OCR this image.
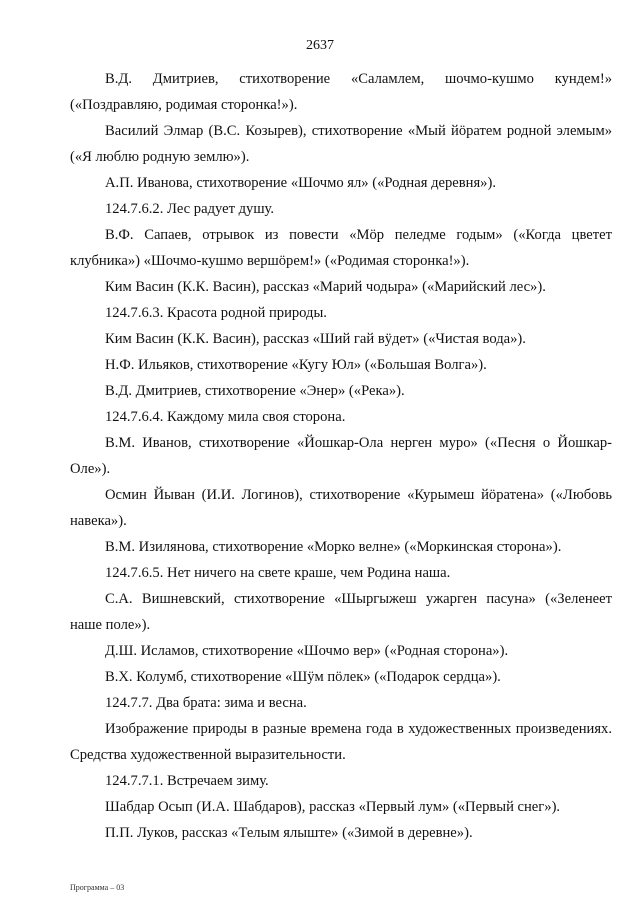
2637

В.Д. Дмитриев, стихотворение «Саламлем, шочмо-кушмо кундем!» («Поздравляю, родимая сторонка!»).

Василий Элмар (В.С. Козырев), стихотворение «Мый йӧратем родной элемым» («Я люблю родную землю»).

А.П. Иванова, стихотворение «Шочмо ял» («Родная деревня»).

124.7.6.2. Лес радует душу.

В.Ф. Сапаев, отрывок из повести «Мӧр пеледме годым» («Когда цветет клубника») «Шочмо-кушмо вершӧрем!» («Родимая сторонка!»).

Ким Васин (К.К. Васин), рассказ «Марий чодыра» («Марийский лес»).

124.7.6.3. Красота родной природы.

Ким Васин (К.К. Васин), рассказ «Ший гай вӱдет» («Чистая вода»).

Н.Ф. Ильяков, стихотворение «Кугу Юл» («Большая Волга»).

В.Д. Дмитриев, стихотворение «Энер» («Река»).

124.7.6.4. Каждому мила своя сторона.

В.М. Иванов, стихотворение «Йошкар-Ола нерген муро» («Песня о Йошкар-Оле»).

Осмин Йыван (И.И. Логинов), стихотворение «Курымеш йӧратена» («Любовь навека»).

В.М. Изилянова, стихотворение «Морко велне» («Моркинская сторона»).

124.7.6.5. Нет ничего на свете краше, чем Родина наша.

С.А. Вишневский, стихотворение «Шыргыжеш ужарген пасуна» («Зеленеет наше поле»).

Д.Ш. Исламов, стихотворение «Шочмо вер» («Родная сторона»).

В.Х. Колумб, стихотворение «Шӱм пӧлек» («Подарок сердца»).

124.7.7. Два брата: зима и весна.

Изображение природы в разные времена года в художественных произведениях. Средства художественной выразительности.

124.7.7.1. Встречаем зиму.

Шабдар Осып (И.А. Шабдаров), рассказ «Первый лум» («Первый снег»).

П.П. Луков, рассказ «Телым ялыште» («Зимой в деревне»).

Программа – 03
